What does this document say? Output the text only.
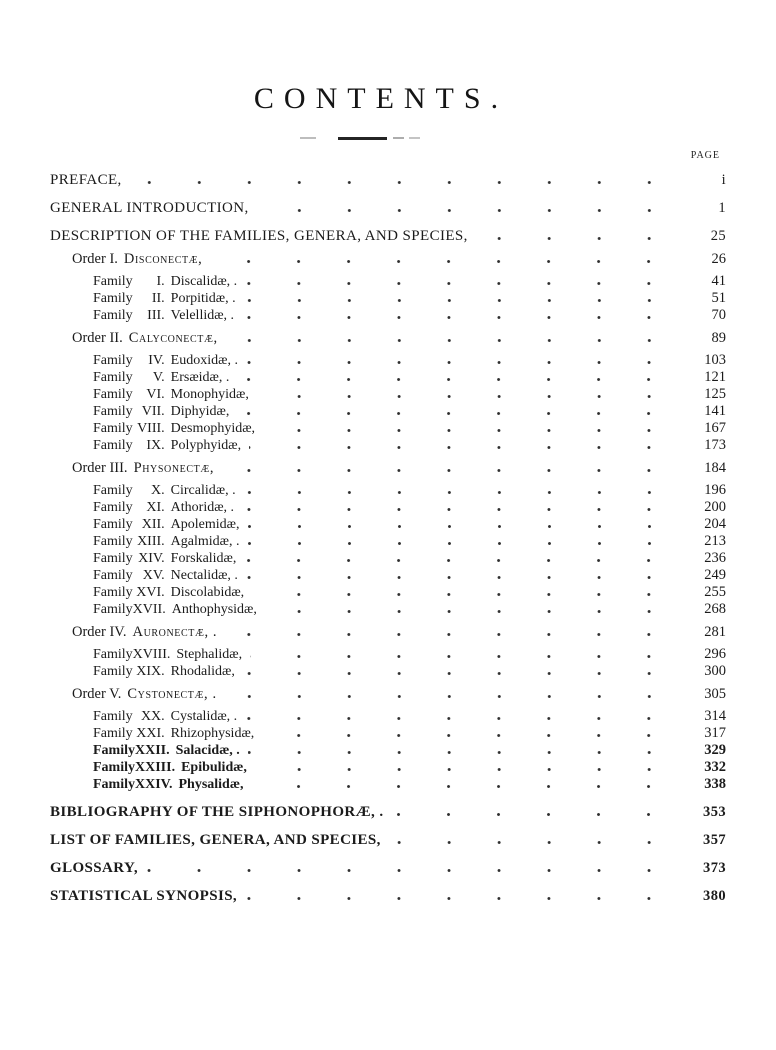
CONTENTS.
PAGE
PREFACE,	i
GENERAL INTRODUCTION,	1
DESCRIPTION OF THE FAMILIES, GENERA, AND SPECIES,	25
Order I. Disconectæ,	26
Family	I. Discalidæ, .	41
Family	II. Porpitidæ, .	51
Family	III. Velellidæ, .	70
Order II. Calyconectæ,	89
Family	IV. Eudoxidæ, .	103
Family	V. Ersæidæ, .	121
Family VI. Monophyidæ,	125
Family VII. Diphyidæ,	141
Family VIII. Desmophyidæ,	167
Family IX. Polyphyidæ,	173
Order III. Physonectæ,	184
Family	X. Circalidæ, .	196
Family XI. Athoridæ, .	200
Family XII. Apolemidæ,	204
Family XIII. Agalmidæ, .	213
Family XIV. Forskalidæ,	236
Family XV. Nectalidæ, .	249
Family XVI. Discolabidæ,	255
Family XVII. Anthophysidæ,	268
Order IV. Auronectæ, .	281
Family XVIII. Stephalidæ,	296
Family XIX. Rhodalidæ,	300
Order V. Cystonectæ, .	305
Family XX. Cystalidæ, .	314
Family XXI. Rhizophysidæ,	317
Family XXII. Salacidæ, .	329
Family XXIII. Epibulidæ,	332
Family XXIV. Physalidæ,	338
BIBLIOGRAPHY OF THE SIPHONOPHORÆ, .	353
LIST OF FAMILIES, GENERA, AND SPECIES,	357
GLOSSARY,	373
STATISTICAL SYNOPSIS,	380
